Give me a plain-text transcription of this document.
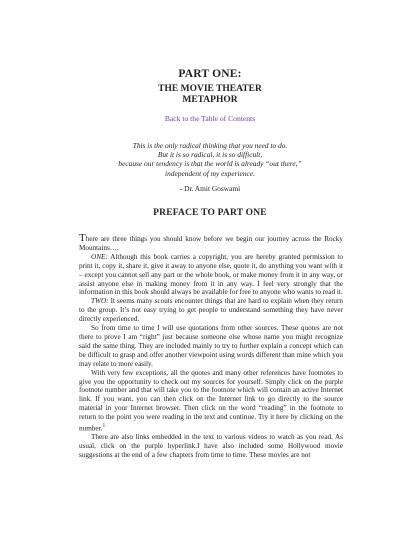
PART ONE:
THE MOVIE THEATER
METAPHOR
Back to the Table of Contents
This is the only radical thinking that you need to do.
But it is so radical, it is so difficult,
because our tendency is that the world is already “out there,”
independent of my experience.
- Dr. Amit Goswami
PREFACE TO PART ONE

There are three things you should know before we begin our journey across the Rocky Mountains….

ONE: Although this book carries a copyright, you are hereby granted permission to print it, copy it, share it, give it away to anyone else, quote it, do anything you want with it – except you cannot sell any part or the whole book, or make money from it in any way, or assist anyone else in making money from it in any way. I feel very strongly that the information in this book should always be available for free to anyone who wants to read it.

TWO: It seems many scouts encounter things that are hard to explain when they return to the group. It’s not easy trying to get people to understand something they have never directly experienced.

So from time to time I will use quotations from other sources. These quotes are not there to prove I am “right” just because someone else whose name you might recognize said the same thing. They are included mainly to try to further explain a concept which can be difficult to grasp and offer another viewpoint using words different than mine which you may relate to more easily.

With very few exceptions, all the quotes and many other references have footnotes to give you the opportunity to check out my sources for yourself. Simply click on the purple footnote number and that will take you to the footnote which will contain an active Internet link. If you want, you can then click on the Internet link to go directly to the source material in your Internet browser. Then click on the word “reading” in the footnote to return to the point you were reading in the text and continue. Try it here by clicking on the number.$^1$

There are also links embedded in the text to various videos to watch as you read. As usual, click on the purple hyperlink.I have also included some Hollywood movie suggestions at the end of a few chapters from time to time. These movies are not
